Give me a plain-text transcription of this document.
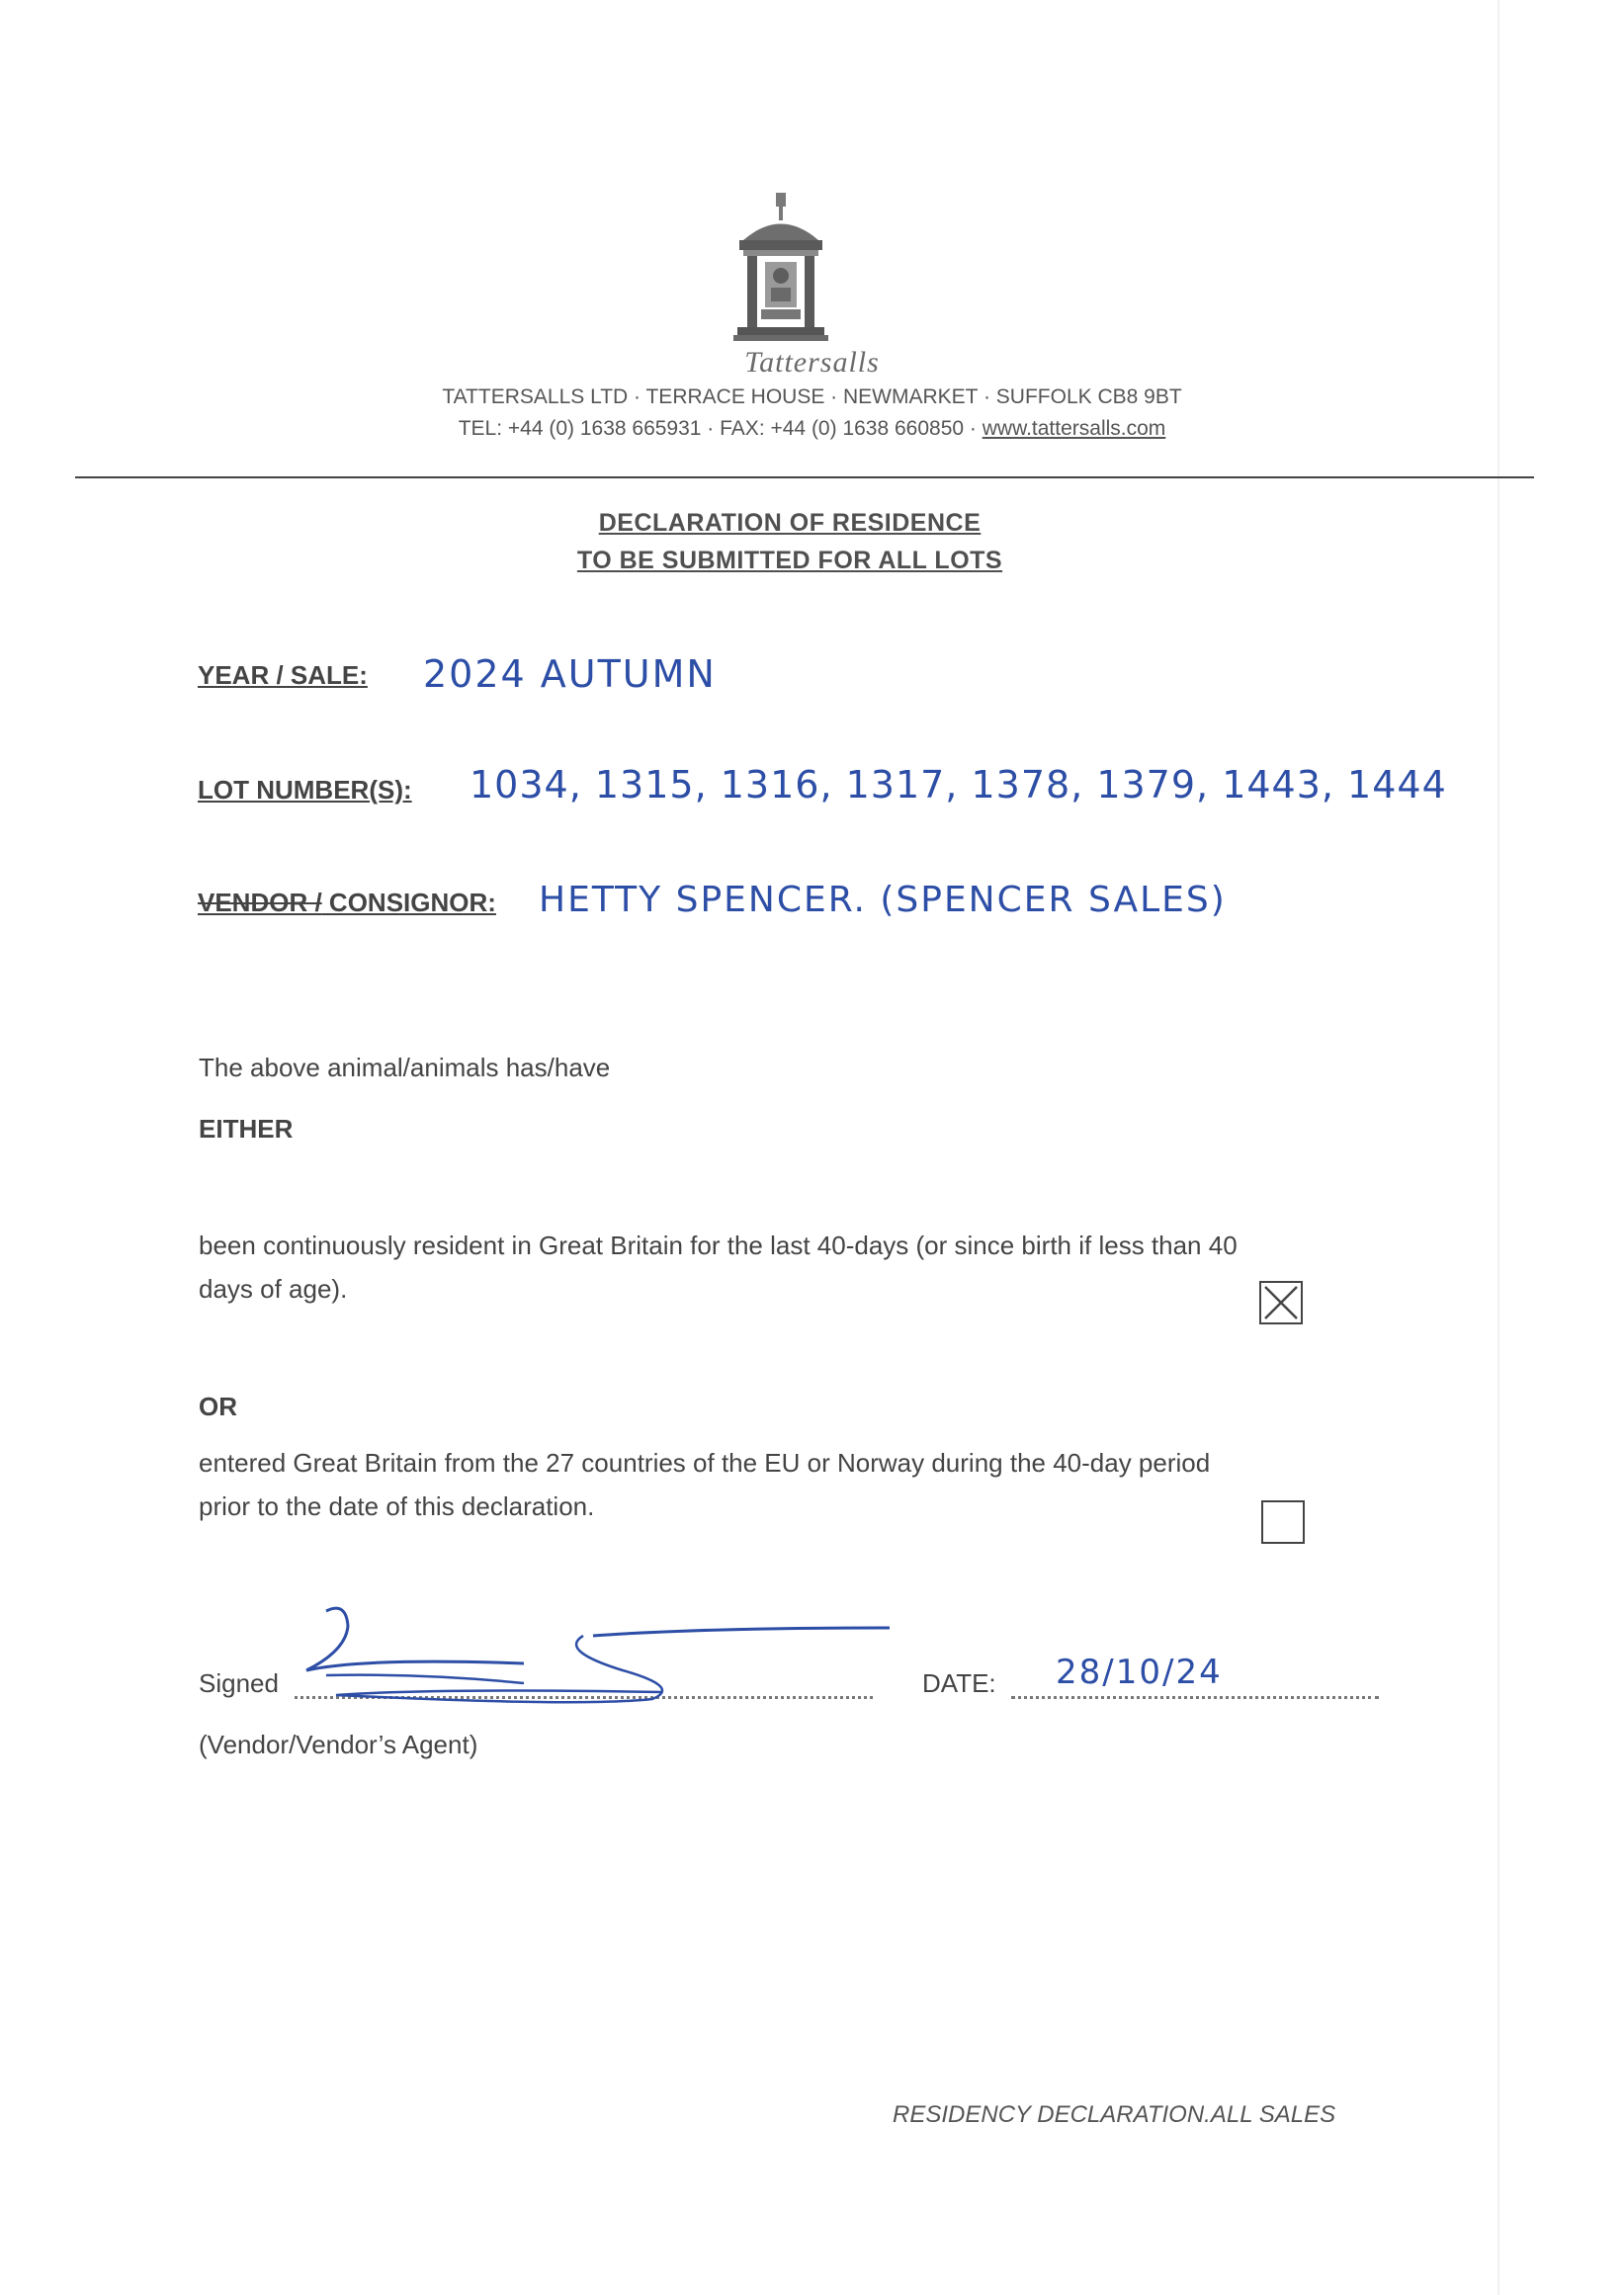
Tattersalls
TATTERSALLS LTD · TERRACE HOUSE · NEWMARKET · SUFFOLK CB8 9BT
TEL: +44 (0) 1638 665931 · FAX: +44 (0) 1638 660850 · www.tattersalls.com
DECLARATION OF RESIDENCE
TO BE SUBMITTED FOR ALL LOTS
YEAR / SALE: 2024 AUTUMN
LOT NUMBER(S): 1034, 1315, 1316, 1317, 1378, 1379, 1443, 1444
VENDOR / CONSIGNOR: HETTY SPENCER. (SPENCER SALES)
The above animal/animals has/have
EITHER
been continuously resident in Great Britain for the last 40-days (or since birth if less than 40
days of age).
OR
entered Great Britain from the 27 countries of the EU or Norway during the 40-day period
prior to the date of this declaration.
Signed	DATE: 28/10/24
(Vendor/Vendor’s Agent)
RESIDENCY DECLARATION.ALL SALES
